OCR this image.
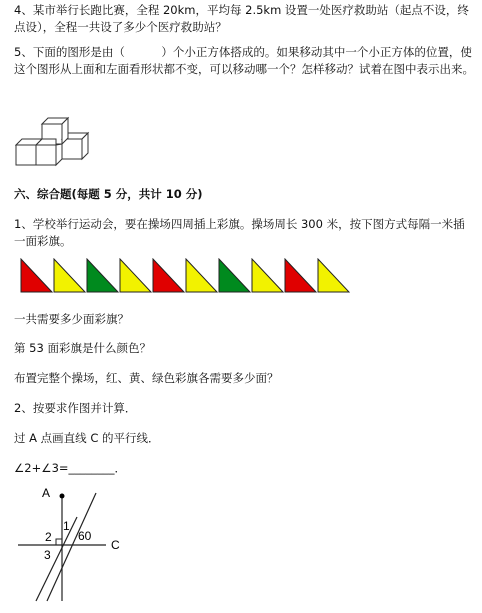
4、某市举行长跑比赛，全程 20km，平均每 2.5km 设置一处医疗救助站（起点不设，终点设），全程一共设了多少个医疗救助站？
5、下面的图形是由（          ）个小正方体搭成的。如果移动其中一个小正方体的位置，使这个图形从上面和左面看形状都不变，可以移动哪一个？怎样移动？试着在图中表示出来。
六、综合题(每题 5 分，共计 10 分)
1、学校举行运动会，要在操场四周插上彩旗。操场周长 300 米，按下图方式每隔一米插一面彩旗。
一共需要多少面彩旗？
第 53 面彩旗是什么颜色？
布置完整个操场，红、黄、绿色彩旗各需要多少面？
2、按要求作图并计算．
过 A 点画直线 C 的平行线．
∠2+∠3=________．
A
C
1
2
3
60
